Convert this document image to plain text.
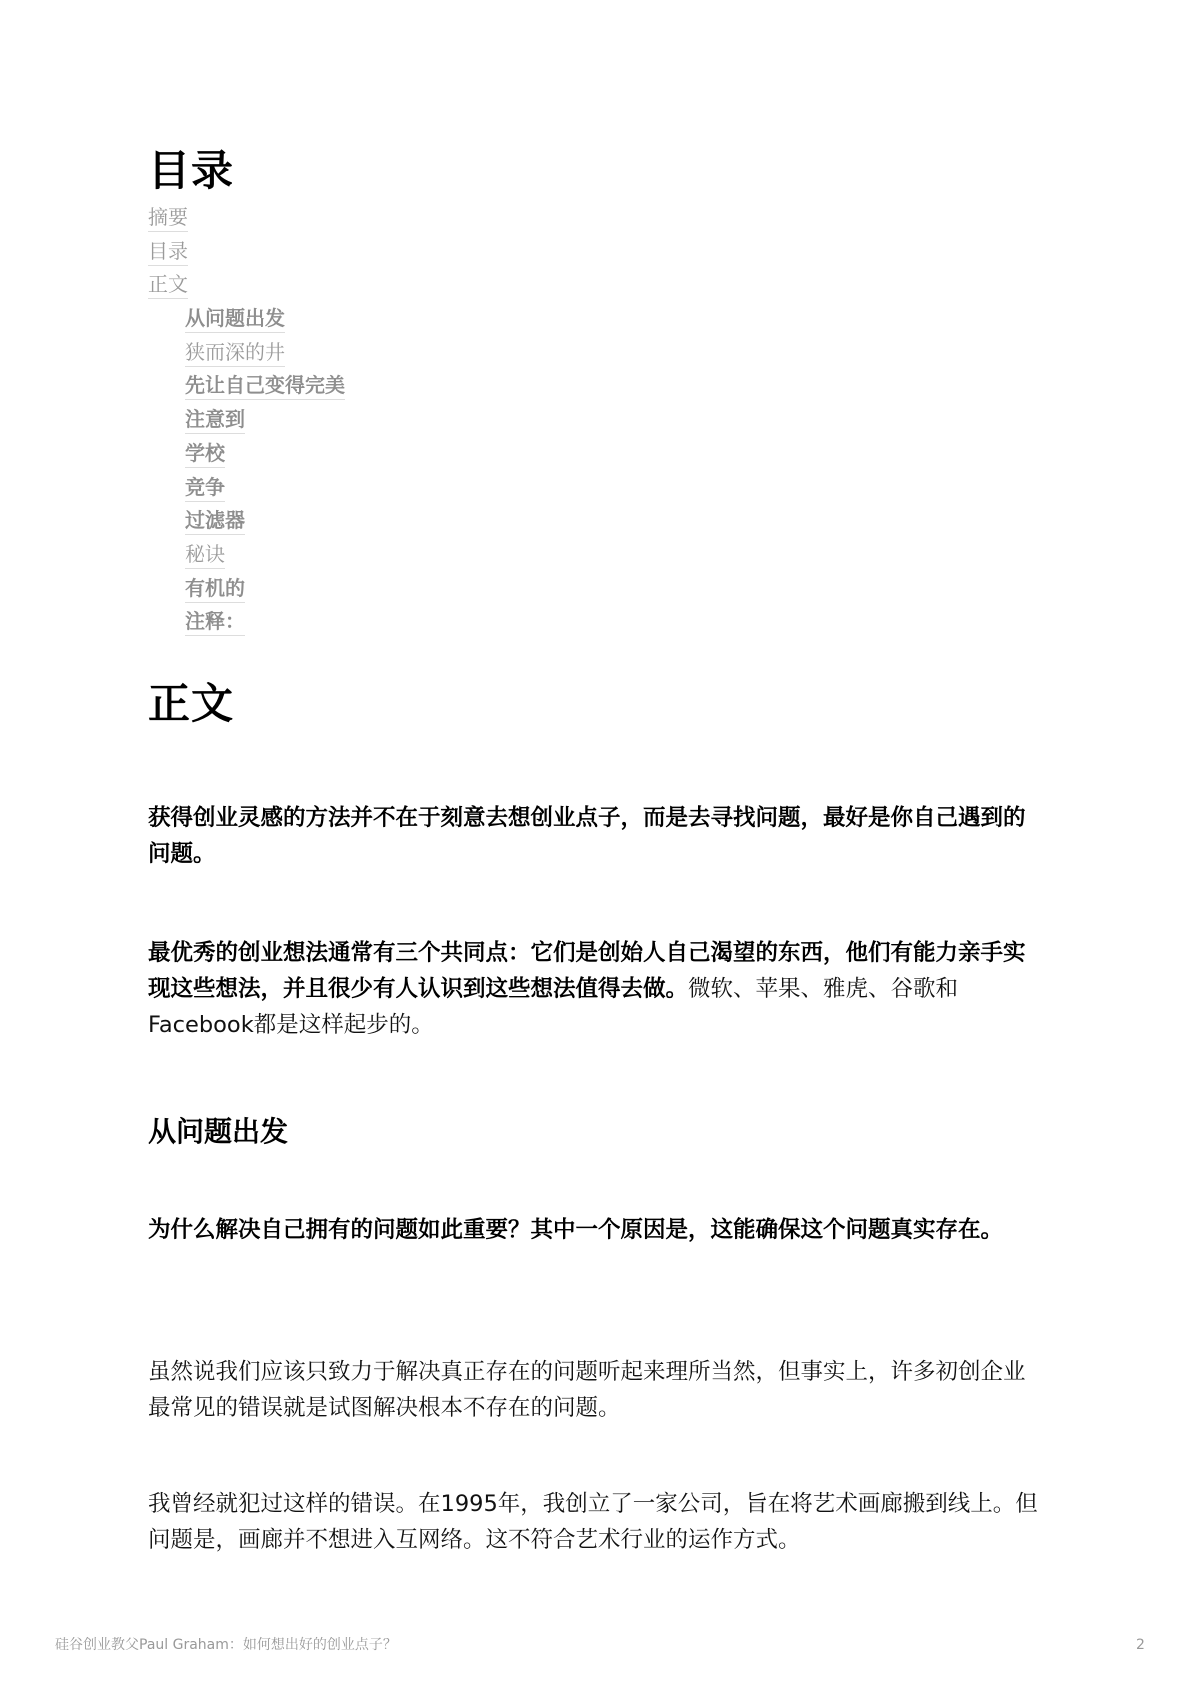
目录
摘要
目录
正文
从问题出发
狭而深的井
先让自己变得完美
注意到
学校
竞争
过滤器
秘诀
有机的
注释：
正文

获得创业灵感的方法并不在于刻意去想创业点子，而是去寻找问题，最好是你自己遇到的问题。

最优秀的创业想法通常有三个共同点：它们是创始人自己渴望的东西，他们有能力亲手实现这些想法，并且很少有人认识到这些想法值得去做。微软、苹果、雅虎、谷歌和Facebook都是这样起步的。

从问题出发

为什么解决自己拥有的问题如此重要？其中一个原因是，这能确保这个问题真实存在。

虽然说我们应该只致力于解决真正存在的问题听起来理所当然，但事实上，许多初创企业最常见的错误就是试图解决根本不存在的问题。

我曾经就犯过这样的错误。在1995年，我创立了一家公司，旨在将艺术画廊搬到线上。但问题是，画廊并不想进入互网络。这不符合艺术行业的运作方式。

硅谷创业教父Paul Graham：如何想出好的创业点子？	2
